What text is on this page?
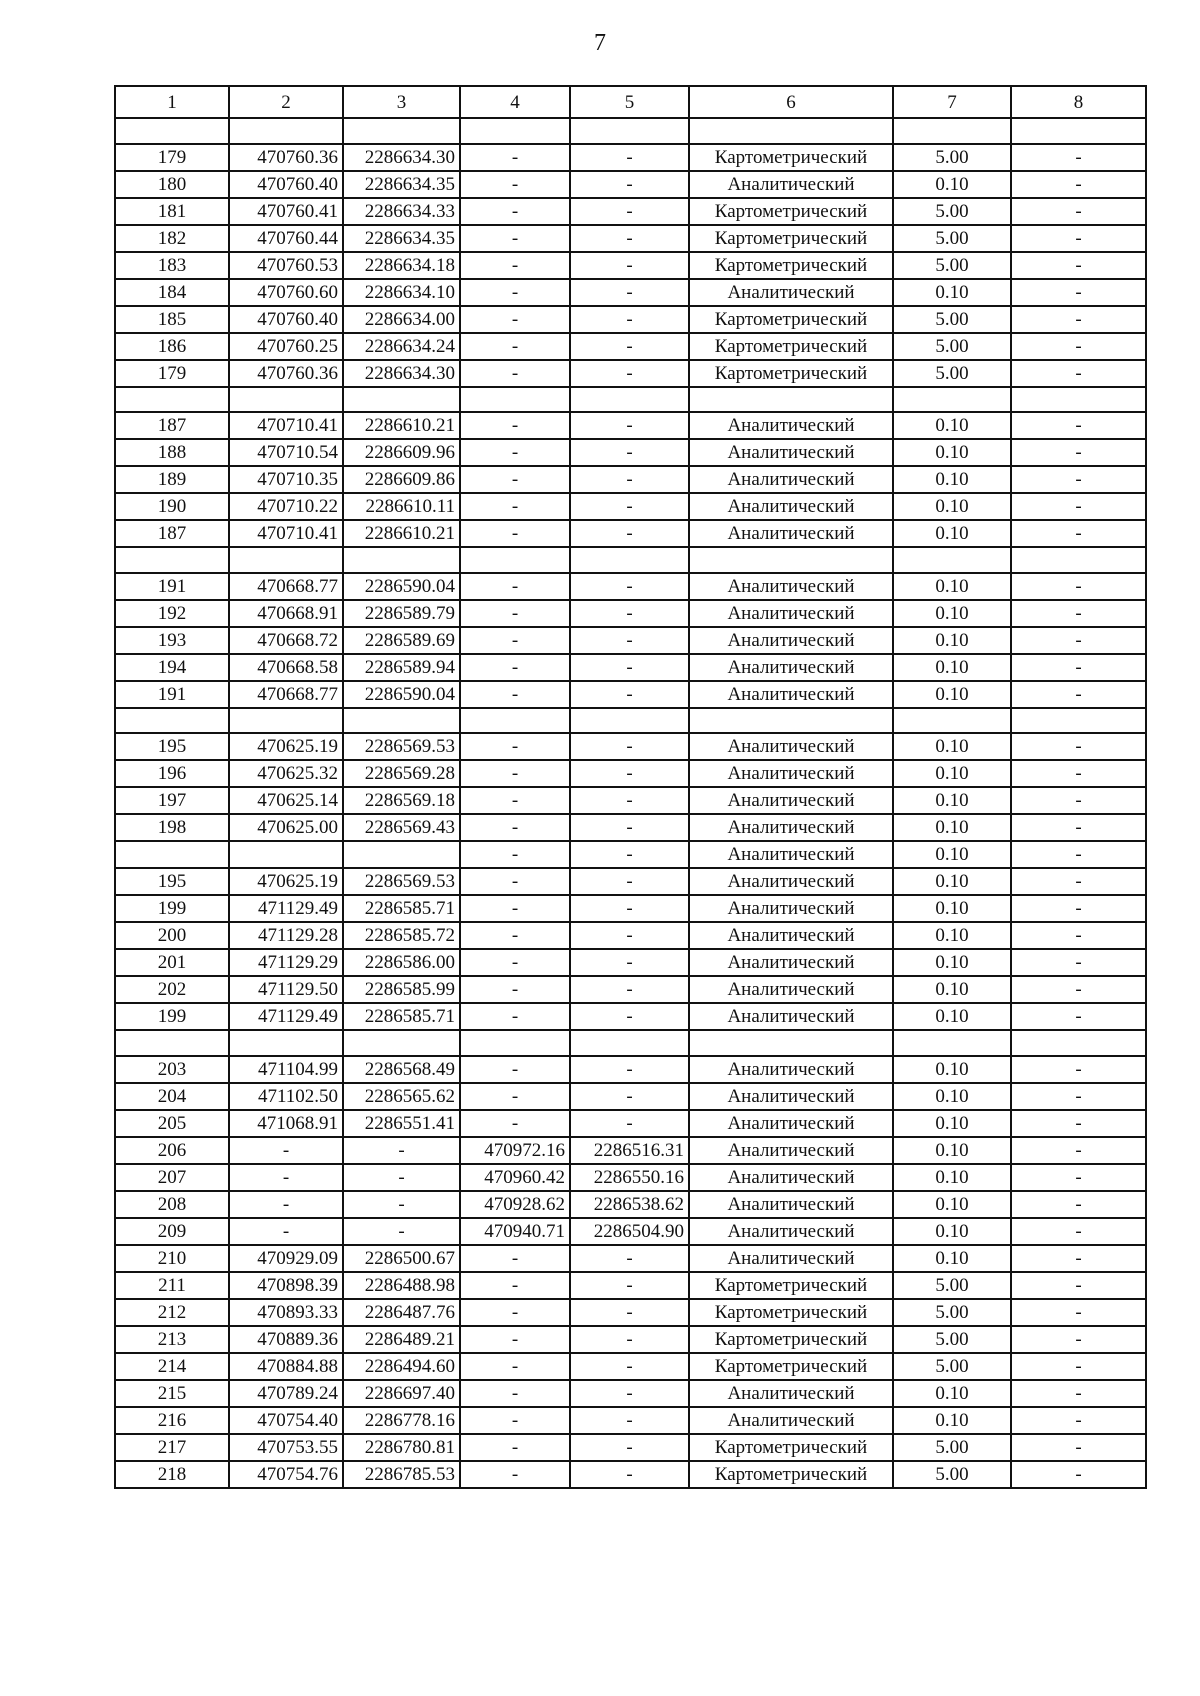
7
1	2	3	4	5	6	7	8

179	470760.36	2286634.30	-	-	Картометрический	5.00	-
180	470760.40	2286634.35	-	-	Аналитический	0.10	-
181	470760.41	2286634.33	-	-	Картометрический	5.00	-
182	470760.44	2286634.35	-	-	Картометрический	5.00	-
183	470760.53	2286634.18	-	-	Картометрический	5.00	-
184	470760.60	2286634.10	-	-	Аналитический	0.10	-
185	470760.40	2286634.00	-	-	Картометрический	5.00	-
186	470760.25	2286634.24	-	-	Картометрический	5.00	-
179	470760.36	2286634.30	-	-	Картометрический	5.00	-

187	470710.41	2286610.21	-	-	Аналитический	0.10	-
188	470710.54	2286609.96	-	-	Аналитический	0.10	-
189	470710.35	2286609.86	-	-	Аналитический	0.10	-
190	470710.22	2286610.11	-	-	Аналитический	0.10	-
187	470710.41	2286610.21	-	-	Аналитический	0.10	-

191	470668.77	2286590.04	-	-	Аналитический	0.10	-
192	470668.91	2286589.79	-	-	Аналитический	0.10	-
193	470668.72	2286589.69	-	-	Аналитический	0.10	-
194	470668.58	2286589.94	-	-	Аналитический	0.10	-
191	470668.77	2286590.04	-	-	Аналитический	0.10	-

195	470625.19	2286569.53	-	-	Аналитический	0.10	-
196	470625.32	2286569.28	-	-	Аналитический	0.10	-
197	470625.14	2286569.18	-	-	Аналитический	0.10	-
198	470625.00	2286569.43	-	-	Аналитический	0.10	-
			-	-	Аналитический	0.10	-
195	470625.19	2286569.53	-	-	Аналитический	0.10	-
199	471129.49	2286585.71	-	-	Аналитический	0.10	-
200	471129.28	2286585.72	-	-	Аналитический	0.10	-
201	471129.29	2286586.00	-	-	Аналитический	0.10	-
202	471129.50	2286585.99	-	-	Аналитический	0.10	-
199	471129.49	2286585.71	-	-	Аналитический	0.10	-

203	471104.99	2286568.49	-	-	Аналитический	0.10	-
204	471102.50	2286565.62	-	-	Аналитический	0.10	-
205	471068.91	2286551.41	-	-	Аналитический	0.10	-
206	-	-	470972.16	2286516.31	Аналитический	0.10	-
207	-	-	470960.42	2286550.16	Аналитический	0.10	-
208	-	-	470928.62	2286538.62	Аналитический	0.10	-
209	-	-	470940.71	2286504.90	Аналитический	0.10	-
210	470929.09	2286500.67	-	-	Аналитический	0.10	-
211	470898.39	2286488.98	-	-	Картометрический	5.00	-
212	470893.33	2286487.76	-	-	Картометрический	5.00	-
213	470889.36	2286489.21	-	-	Картометрический	5.00	-
214	470884.88	2286494.60	-	-	Картометрический	5.00	-
215	470789.24	2286697.40	-	-	Аналитический	0.10	-
216	470754.40	2286778.16	-	-	Аналитический	0.10	-
217	470753.55	2286780.81	-	-	Картометрический	5.00	-
218	470754.76	2286785.53	-	-	Картометрический	5.00	-
